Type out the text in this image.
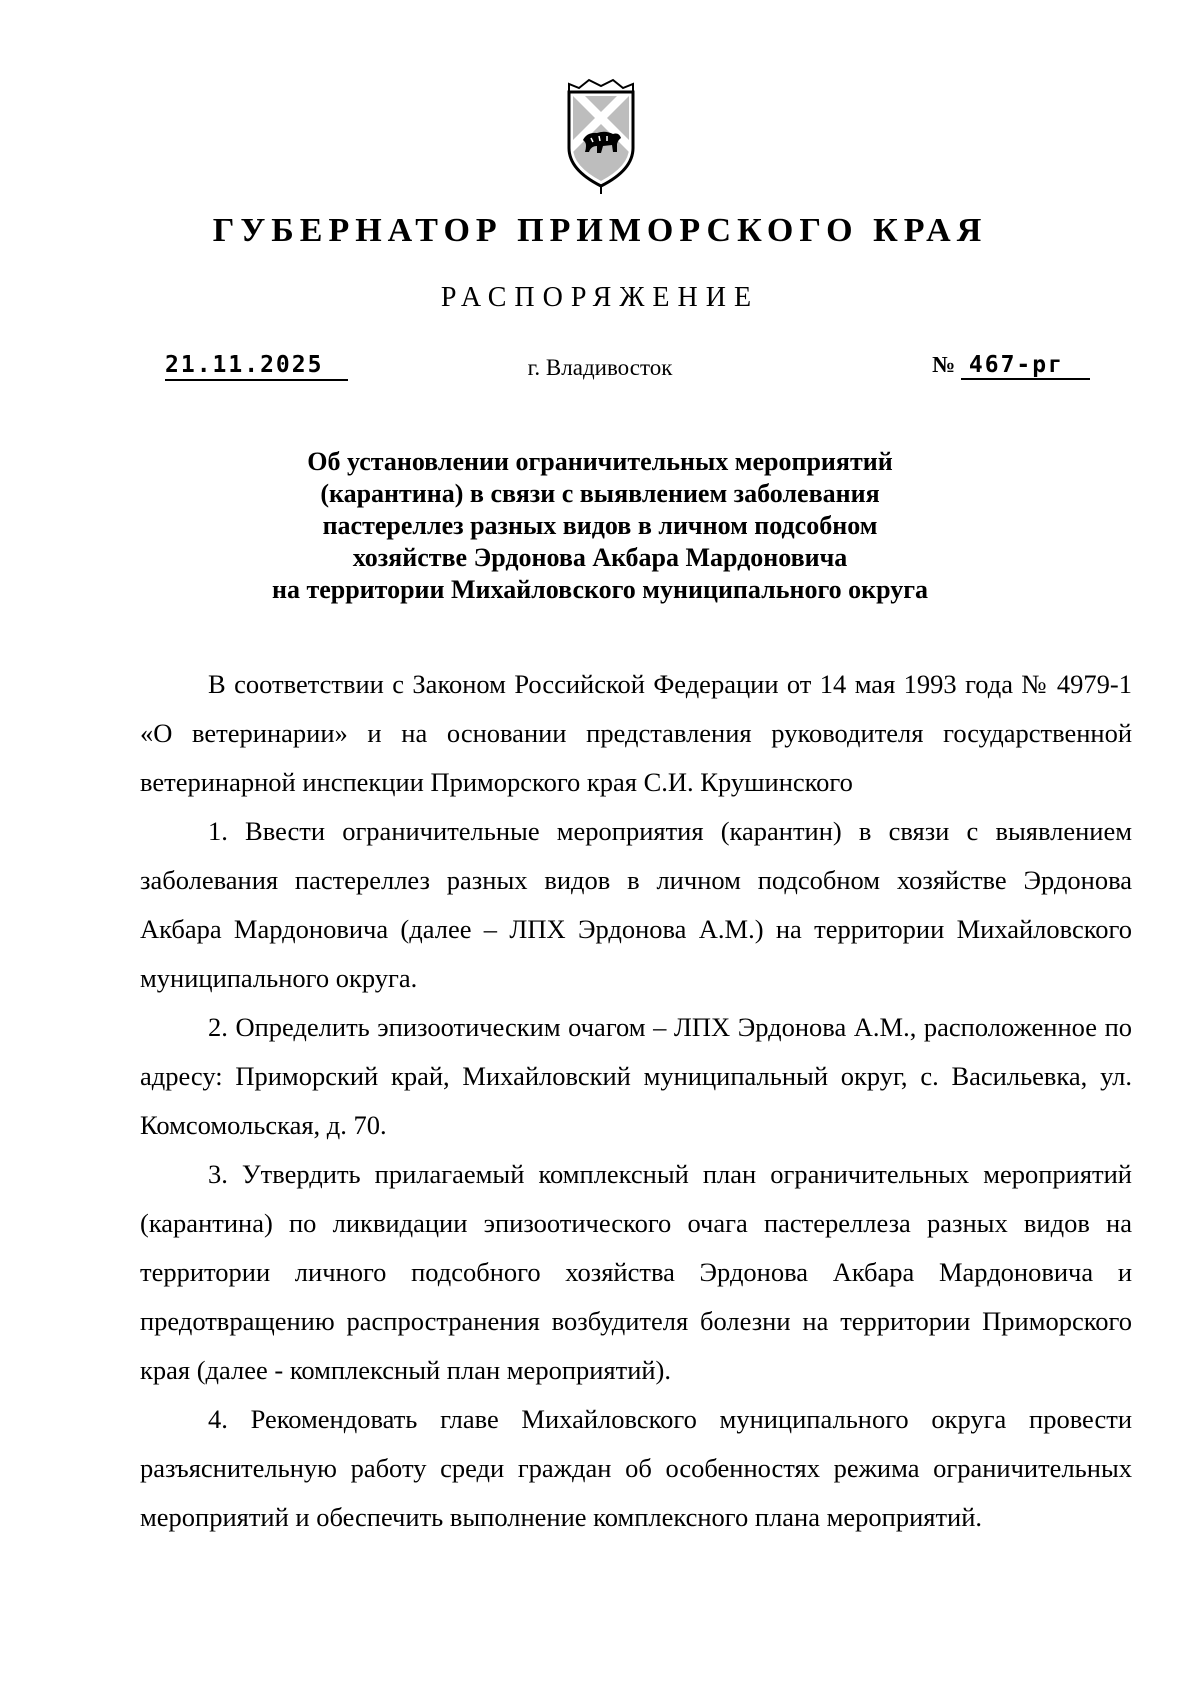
ГУБЕРНАТОР ПРИМОРСКОГО КРАЯ
РАСПОРЯЖЕНИЕ
21.11.2025	г. Владивосток	№ 467-рг
Об установлении ограничительных мероприятий
(карантина) в связи с выявлением заболевания
пастереллез разных видов в личном подсобном
хозяйстве Эрдонова Акбара Мардоновича
на территории Михайловского муниципального округа

В соответствии с Законом Российской Федерации от 14 мая 1993 года № 4979-1 «О ветеринарии» и на основании представления руководителя государственной ветеринарной инспекции Приморского края С.И. Крушинского

1. Ввести ограничительные мероприятия (карантин) в связи с выявлением заболевания пастереллез разных видов в личном подсобном хозяйстве Эрдонова Акбара Мардоновича (далее – ЛПХ Эрдонова А.М.) на территории Михайловского муниципального округа.

2. Определить эпизоотическим очагом – ЛПХ Эрдонова А.М., расположенное по адресу: Приморский край, Михайловский муниципальный округ, с. Васильевка, ул. Комсомольская, д. 70.

3. Утвердить прилагаемый комплексный план ограничительных мероприятий (карантина) по ликвидации эпизоотического очага пастереллеза разных видов на территории личного подсобного хозяйства Эрдонова Акбара Мардоновича и предотвращению распространения возбудителя болезни на территории Приморского края (далее - комплексный план мероприятий).

4. Рекомендовать главе Михайловского муниципального округа провести разъяснительную работу среди граждан об особенностях режима ограничительных мероприятий и обеспечить выполнение комплексного плана мероприятий.
